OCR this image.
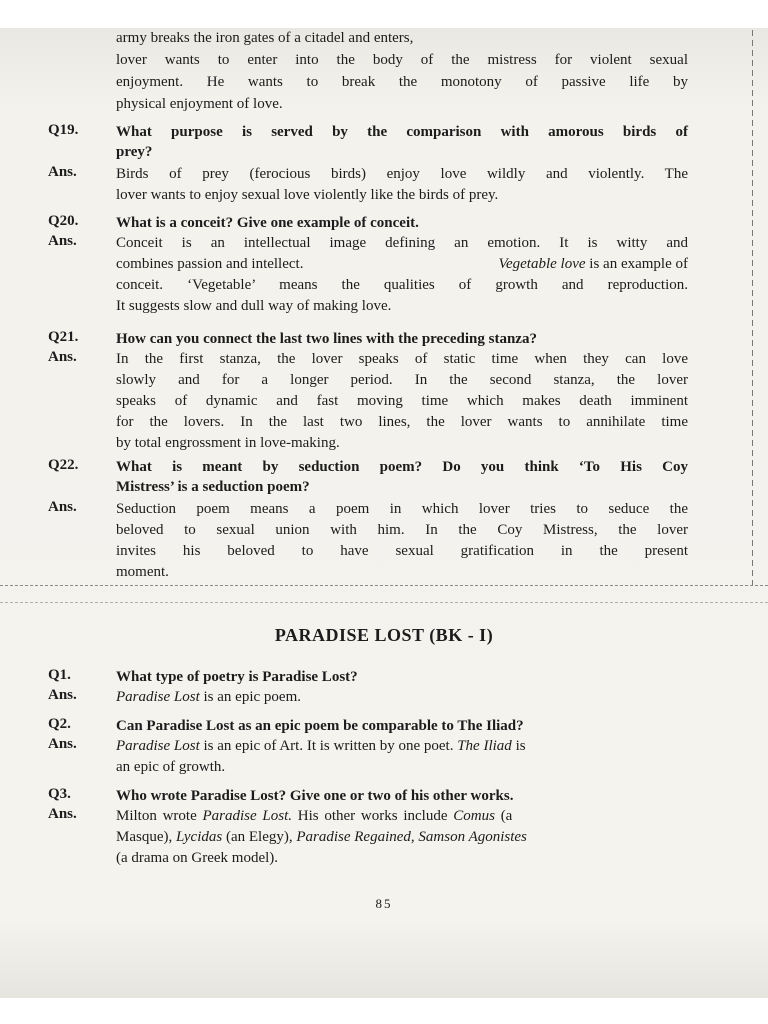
army breaks the iron gates of a citadel and enters,
lover wants to enter into the body of the mistress for violent sexual
enjoyment. He wants to break the monotony of passive life by
physical enjoyment of love.
Q19.	What purpose is served by the comparison with amorous birds of
prey?
Ans.	Birds of prey (ferocious birds) enjoy love wildly and violently. The
lover wants to enjoy sexual love violently like the birds of prey.
Q20.	What is a conceit? Give one example of conceit.
Ans.	Conceit is an intellectual image defining an emotion. It is witty and
combines passion and intellect.	Vegetable love is an example of
conceit. ‘Vegetable’ means the qualities of growth and reproduction.
It suggests slow and dull way of making love.
Q21.	How can you connect the last two lines with the preceding stanza?
Ans.	In the first stanza, the lover speaks of static time when they can love
slowly and for a longer period. In the second stanza, the lover
speaks of dynamic and fast moving time which makes death imminent
for the lovers. In the last two lines, the lover wants to annihilate time
by total engrossment in love-making.
Q22.	What is meant by seduction poem? Do you think ‘To His Coy
Mistress’ is a seduction poem?
Ans.	Seduction poem means a poem in which lover tries to seduce the
beloved to sexual union with him. In the Coy Mistress, the lover
invites his beloved to have sexual gratification in the present
moment.
PARADISE LOST (BK - I)
Q1.	What type of poetry is Paradise Lost?
Ans.	Paradise Lost is an epic poem.
Q2.	Can Paradise Lost as an epic poem be comparable to The Iliad?
Ans.	Paradise Lost is an epic of Art. It is written by one poet. The Iliad is
an epic of growth.
Q3.	Who wrote Paradise Lost? Give one or two of his other works.
Ans.	Milton wrote Paradise Lost. His other works include Comus (a
Masque), Lycidas (an Elegy), Paradise Regained, Samson Agonistes
(a drama on Greek model).
85
